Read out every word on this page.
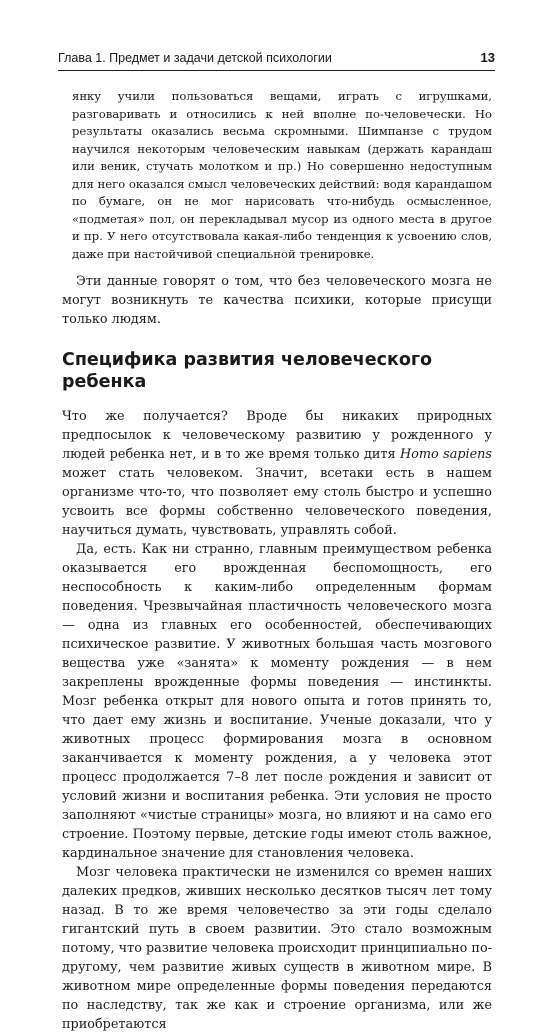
Глава 1. Предмет и задачи детской психологии	13

янку учили пользоваться вещами, играть с игрушками, разговаривать и относились к ней вполне по-человечески. Но результаты оказались весьма скромными. Шимпанзе с трудом научился некоторым человеческим навыкам (держать карандаш или веник, стучать молотком и пр.) Но совершенно недоступным для него оказался смысл человеческих действий: водя карандашом по бумаге, он не мог нарисовать что-нибудь осмысленное, «подметая» пол, он перекладывал мусор из одного места в другое и пр. У него отсутствовала какая-либо тенденция к усвоению слов, даже при настойчивой специальной тренировке.

Эти данные говорят о том, что без человеческого мозга не могут возникнуть те качества психики, которые присущи только людям.

Специфика развития человеческого ребенка

Что же получается? Вроде бы никаких природных предпосылок к человеческому развитию у рожденного у людей ребенка нет, и в то же время только дитя Homo sapiens может стать человеком. Значит, всетаки есть в нашем организме что-то, что позволяет ему столь быстро и успешно усвоить все формы собственно человеческого поведения, научиться думать, чувствовать, управлять собой.

Да, есть. Как ни странно, главным преимуществом ребенка оказывается его врожденная беспомощность, его неспособность к каким-либо определенным формам поведения. Чрезвычайная пластичность человеческого мозга — одна из главных его особенностей, обеспечивающих психическое развитие. У животных большая часть мозгового вещества уже «занята» к моменту рождения — в нем закреплены врожденные формы поведения — инстинкты. Мозг ребенка открыт для нового опыта и готов принять то, что дает ему жизнь и воспитание. Ученые доказали, что у животных процесс формирования мозга в основном заканчивается к моменту рождения, а у человека этот процесс продолжается 7–8 лет после рождения и зависит от условий жизни и воспитания ребенка. Эти условия не просто заполняют «чистые страницы» мозга, но влияют и на само его строение. Поэтому первые, детские годы имеют столь важное, кардинальное значение для становления человека.

Мозг человека практически не изменился со времен наших далеких предков, живших несколько десятков тысяч лет тому назад. В то же время человечество за эти годы сделало гигантский путь в своем развитии. Это стало возможным потому, что развитие человека происходит принципиально по-другому, чем развитие живых существ в животном мире. В животном мире определенные формы поведения передаются по наследству, так же как и строение организма, или же приобретаются
